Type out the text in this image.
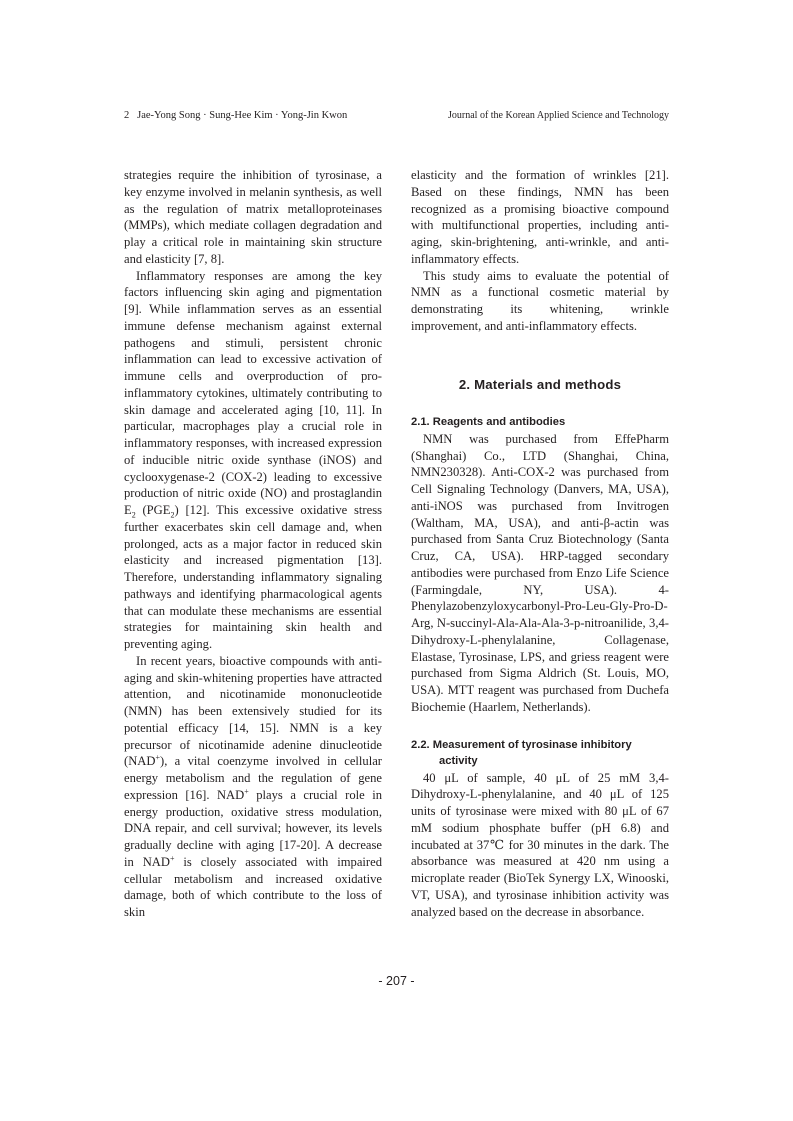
2 Jae-Yong Song · Sung-Hee Kim · Yong-Jin Kwon	Journal of the Korean Applied Science and Technology

strategies require the inhibition of tyrosinase, a key enzyme involved in melanin synthesis, as well as the regulation of matrix metalloproteinases (MMPs), which mediate collagen degradation and play a critical role in maintaining skin structure and elasticity [7, 8].

Inflammatory responses are among the key factors influencing skin aging and pigmentation [9]. While inflammation serves as an essential immune defense mechanism against external pathogens and stimuli, persistent chronic inflammation can lead to excessive activation of immune cells and overproduction of pro-inflammatory cytokines, ultimately contributing to skin damage and accelerated aging [10, 11]. In particular, macrophages play a crucial role in inflammatory responses, with increased expression of inducible nitric oxide synthase (iNOS) and cyclooxygenase-2 (COX-2) leading to excessive production of nitric oxide (NO) and prostaglandin $E_2$ $(PGE_2)$ [12]. This excessive oxidative stress further exacerbates skin cell damage and, when prolonged, acts as a major factor in reduced skin elasticity and increased pigmentation [13]. Therefore, understanding inflammatory signaling pathways and identifying pharmacological agents that can modulate these mechanisms are essential strategies for maintaining skin health and preventing aging.

In recent years, bioactive compounds with anti-aging and skin-whitening properties have attracted attention, and nicotinamide mononucleotide (NMN) has been extensively studied for its potential efficacy [14, 15]. NMN is a key precursor of nicotinamide adenine dinucleotide (NAD+), a vital coenzyme involved in cellular energy metabolism and the regulation of gene expression [16]. NAD+ plays a crucial role in energy production, oxidative stress modulation, DNA repair, and cell survival; however, its levels gradually decline with aging [17-20]. A decrease in NAD+ is closely associated with impaired cellular metabolism and increased oxidative damage, both of which contribute to the loss of skin

elasticity and the formation of wrinkles [21]. Based on these findings, NMN has been recognized as a promising bioactive compound with multifunctional properties, including anti-aging, skin-brightening, anti-wrinkle, and anti-inflammatory effects.

This study aims to evaluate the potential of NMN as a functional cosmetic material by demonstrating its whitening, wrinkle improvement, and anti-inflammatory effects.

2. Materials and methods
2.1. Reagents and antibodies

NMN was purchased from EffePharm (Shanghai) Co., LTD (Shanghai, China, NMN230328). Anti-COX-2 was purchased from Cell Signaling Technology (Danvers, MA, USA), anti-iNOS was purchased from Invitrogen (Waltham, MA, USA), and anti-β-actin was purchased from Santa Cruz Biotechnology (Santa Cruz, CA, USA). HRP-tagged secondary antibodies were purchased from Enzo Life Science (Farmingdale, NY, USA). 4-Phenylazobenzyloxycarbonyl-Pro-Leu-Gly-Pro-D-Arg, N-succinyl-Ala-Ala-Ala-3-p-nitroanilide, 3,4-Dihydroxy-L-phenylalanine, Collagenase, Elastase, Tyrosinase, LPS, and griess reagent were purchased from Sigma Aldrich (St. Louis, MO, USA). MTT reagent was purchased from Duchefa Biochemie (Haarlem, Netherlands).

2.2. Measurement of tyrosinase inhibitory
activity

40 μL of sample, 40 μL of 25 mM 3,4-Dihydroxy-L-phenylalanine, and 40 μL of 125 units of tyrosinase were mixed with 80 μL of 67 mM sodium phosphate buffer (pH 6.8) and incubated at 37℃ for 30 minutes in the dark. The absorbance was measured at 420 nm using a microplate reader (BioTek Synergy LX, Winooski, VT, USA), and tyrosinase inhibition activity was analyzed based on the decrease in absorbance.

- 207 -
